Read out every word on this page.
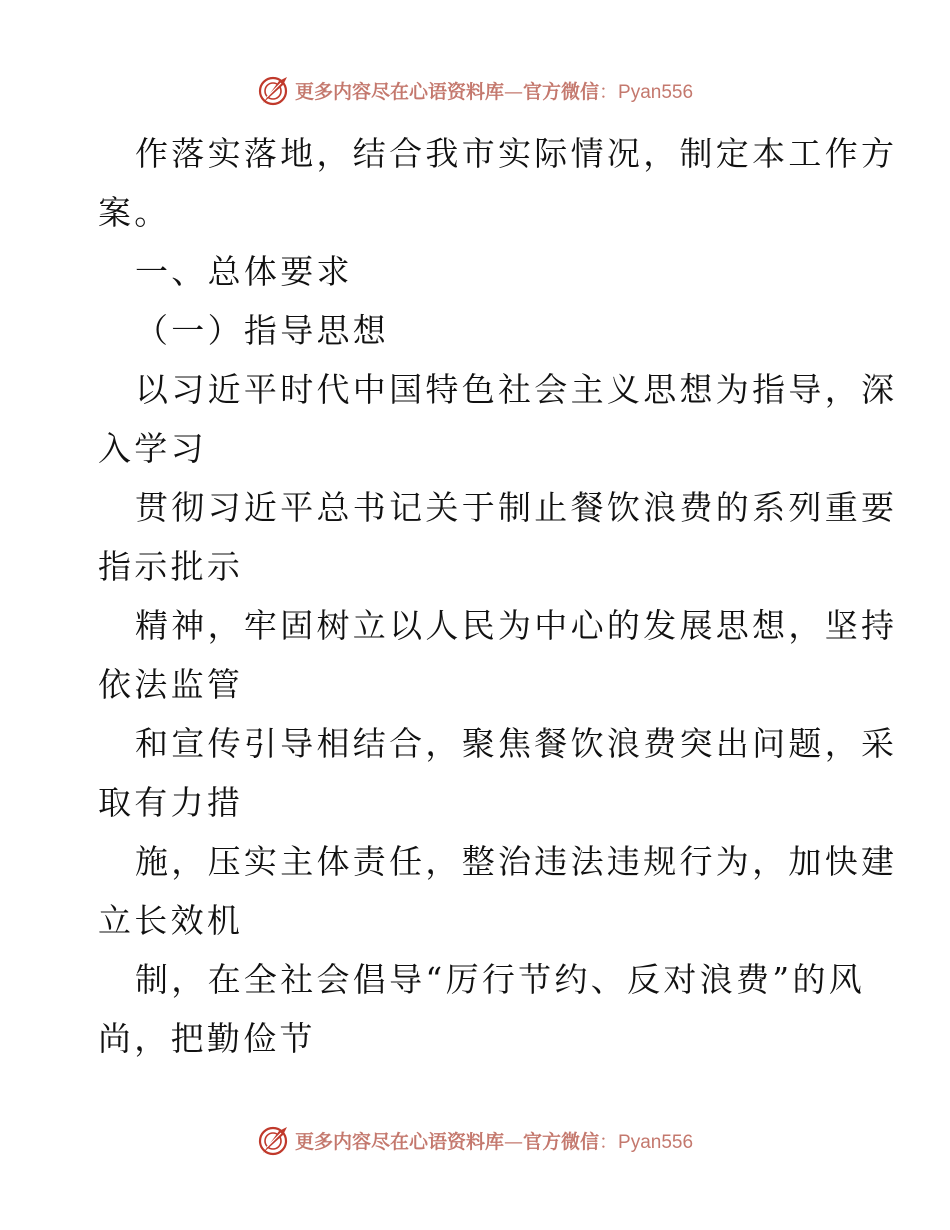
更多内容尽在心语资料库—官方微信：Pyan556
作落实落地，结合我市实际情况，制定本工作方
案。
一、总体要求
（一）指导思想
以习近平时代中国特色社会主义思想为指导，深
入学习
贯彻习近平总书记关于制止餐饮浪费的系列重要
指示批示
精神，牢固树立以人民为中心的发展思想，坚持
依法监管
和宣传引导相结合，聚焦餐饮浪费突出问题，采
取有力措
施，压实主体责任，整治违法违规行为，加快建
立长效机
制，在全社会倡导“厉行节约、反对浪费”的风
尚，把勤俭节
更多内容尽在心语资料库—官方微信：Pyan556
